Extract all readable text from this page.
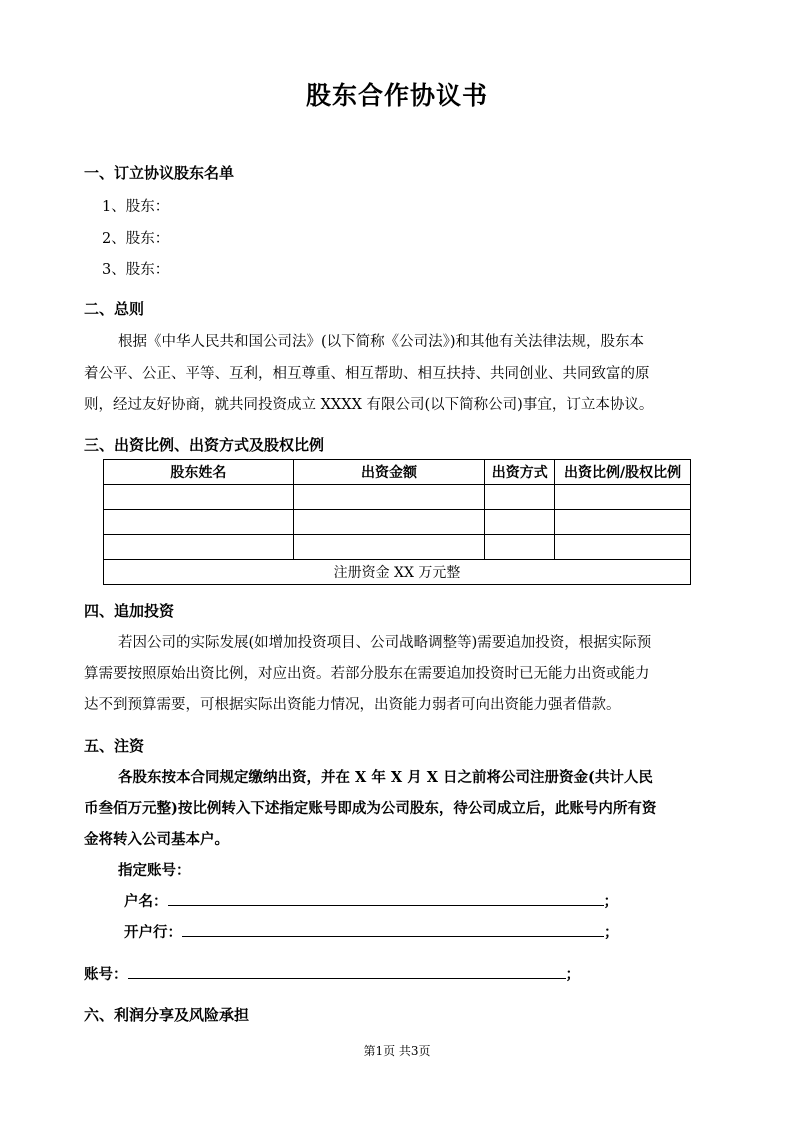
股东合作协议书
一、订立协议股东名单
1、股东：
2、股东：
3、股东：
二、总则
根据《中华人民共和国公司法》(以下简称《公司法》)和其他有关法律法规，股东本
着公平、公正、平等、互利，相互尊重、相互帮助、相互扶持、共同创业、共同致富的原
则，经过友好协商，就共同投资成立 XXXX 有限公司(以下简称公司)事宜，订立本协议。
三、出资比例、出资方式及股权比例
股东姓名	出资金额	出资方式	出资比例/股权比例

注册资金 XX 万元整			
四、追加投资
若因公司的实际发展(如增加投资项目、公司战略调整等)需要追加投资，根据实际预
算需要按照原始出资比例，对应出资。若部分股东在需要追加投资时已无能力出资或能力
达不到预算需要，可根据实际出资能力情况，出资能力弱者可向出资能力强者借款。
五、注资
各股东按本合同规定缴纳出资，并在 X 年 X 月 X 日之前将公司注册资金(共计人民
币叁佰万元整)按比例转入下述指定账号即成为公司股东，待公司成立后，此账号内所有资
金将转入公司基本户。
指定账号：
户名：	；
开户行：	；
账号：	；
六、利润分享及风险承担
第1页 共3页
